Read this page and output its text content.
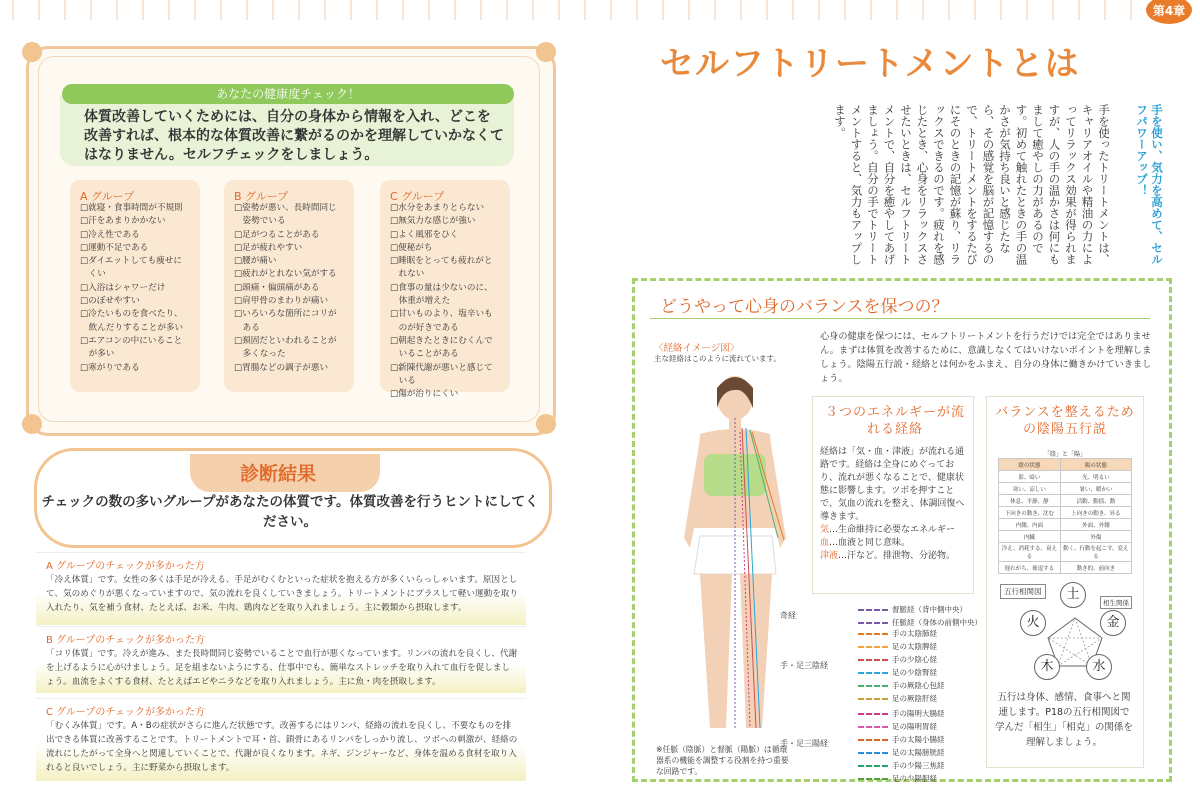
第4章
あなたの健康度チェック！
体質改善していくためには、自分の身体から情報を入れ、どこを改善すれば、根本的な体質改善に繋がるのかを理解していかなくてはなりません。セルフチェックをしましょう。
A グループ
□就寝・食事時間が不規則
□汗をあまりかかない
□冷え性である
□運動不足である
□ダイエットしても痩せに
　くい
□入浴はシャワーだけ
□のぼせやすい
□冷たいものを食べたり、
　飲んだりすることが多い
□エアコンの中にいること
　が多い
□寒がりである
B グループ
□姿勢が悪い、長時間同じ
　姿勢でいる
□足がつることがある
□足が疲れやすい
□腰が痛い
□疲れがとれない気がする
□頭痛・偏頭痛がある
□肩甲骨のまわりが痛い
□いろいろな箇所にコリが
　ある
□頚固だといわれることが
　多くなった
□胃腸などの調子が悪い
C グループ
□水分をあまりとらない
□無気力な感じが強い
□よく風邪をひく
□便秘がち
□睡眠をとっても疲れがと
　れない
□食事の量は少ないのに、
　体重が増えた
□甘いものより、塩辛いも
　のが好きである
□朝起きたときにむくんで
　いることがある
□新陳代謝が悪いと感じて
　いる
□傷が治りにくい
診断結果
チェックの数の多いグループがあなたの体質です。体質改善を行うヒントにしてください。
A グループのチェックが多かった方
「冷え体質」です。女性の多くは手足が冷える、手足がむくむといった症状を抱える方が多くいらっしゃいます。原因として、気のめぐりが悪くなっていますので、気の流れを良くしていきましょう。トリートメントにプラスして軽い運動を取り入れたり、気を補う食材、たとえば、お米、牛肉、鶏肉などを取り入れましょう。主に穀類から摂取します。
B グループのチェックが多かった方
「コリ体質」です。冷えが進み、また長時間同じ姿勢でいることで血行が悪くなっています。リンパの流れを良くし、代謝を上げるように心がけましょう。足を組まないようにする、仕事中でも、簡単なストレッチを取り入れて血行を促しましょう。血流をよくする食材、たとえばエビやニラなどを取り入れましょう。主に魚・肉を摂取します。
C グループのチェックが多かった方
「むくみ体質」です。A・Bの症状がさらに進んだ状態です。改善するにはリンパ、経絡の流れを良くし、不要なものを排出できる体質に改善することです。トリートメントで耳・首、鎖骨にあるリンパをしっかり流し、ツボへの刺激が、経絡の流れにしたがって全身へと関連していくことで、代謝が良くなります。ネギ、ジンジャーなど、身体を温める食材を取り入れると良いでしょう。主に野菜から摂取します。
セルフトリートメントとは
手を使い、気力を高めて、セルフパワーアップ！
手を使ったトリートメントは、キャリアオイルや精油の力によってリラックス効果が得られますが、人の手の温かさは何にもまして癒やしの力があるのです。初めて触れたときの手の温かさが気持ち良いと感じたなら、その感覚を脳が記憶するので、トリートメントをするたびにそのときの記憶が蘇り、リラックスできるのです。疲れを感じたとき、心身をリラックスさせたいときは、セルフトリートメントで、自分を癒やしてあげましょう。自分の手でトリートメントすると、気力もアップします。
どうやって心身のバランスを保つの？
心身の健康を保つには、セルフトリートメントを行うだけでは完全ではありません。まずは体質を改善するために、意識しなくてはいけないポイントを理解しましょう。陰陽五行説・経絡とは何かをふまえ、自分の身体に働きかけていきましょう。
〈経絡イメージ図〉
主な経絡はこのように流れています。
奇経
手・足三陰経
手・足三陽経
督脈経（背中側中央）
任脈経（身体の前側中央）
手の太陰肺経
足の太陰脾経
手の少陰心経
足の少陰腎経
手の厥陰心包経
足の厥陰肝経
手の陽明大腸経
足の陽明胃経
手の太陽小腸経
足の太陽膀胱経
手の少陽三焦経
足の少陽胆経
３つのエネルギーが流れる経絡
経絡は「気・血・津液」が流れる通路です。経絡は全身にめぐっており、流れが悪くなることで、健康状態に影響します。ツボを押すことで、気血の流れを整え、体調回復へ導きます。
気…生命維持に必要なエネルギー
血…血液と同じ意味。
津液…汗など。排泄物、分泌物。
バランスを整えるための陰陽五行説
「陰」と「陽」
陰の状態	陽の状態
影、暗い	光、明るい
寒い、涼しい	暑い、暖かい
休息、平静、静	活動、動揺、動
下向きの動き、沈む	上向きの動き、昇る
内側、内面	外面、外側
内臓	外傷
冷え、消耗する、衰える	動く、行動を起こす、変える
遅れがち、後退する	動き的、前向き
五行相関図
相生関係
土
金
水
木
火
五行は身体、感情、食事へと関連します。P18の五行相関図で学んだ「相生」「相克」の関係を理解しましょう。
※任脈（陰脈）と督脈（陽脈）は循環器系の機能を調整する役割を持つ重要な回路です。
